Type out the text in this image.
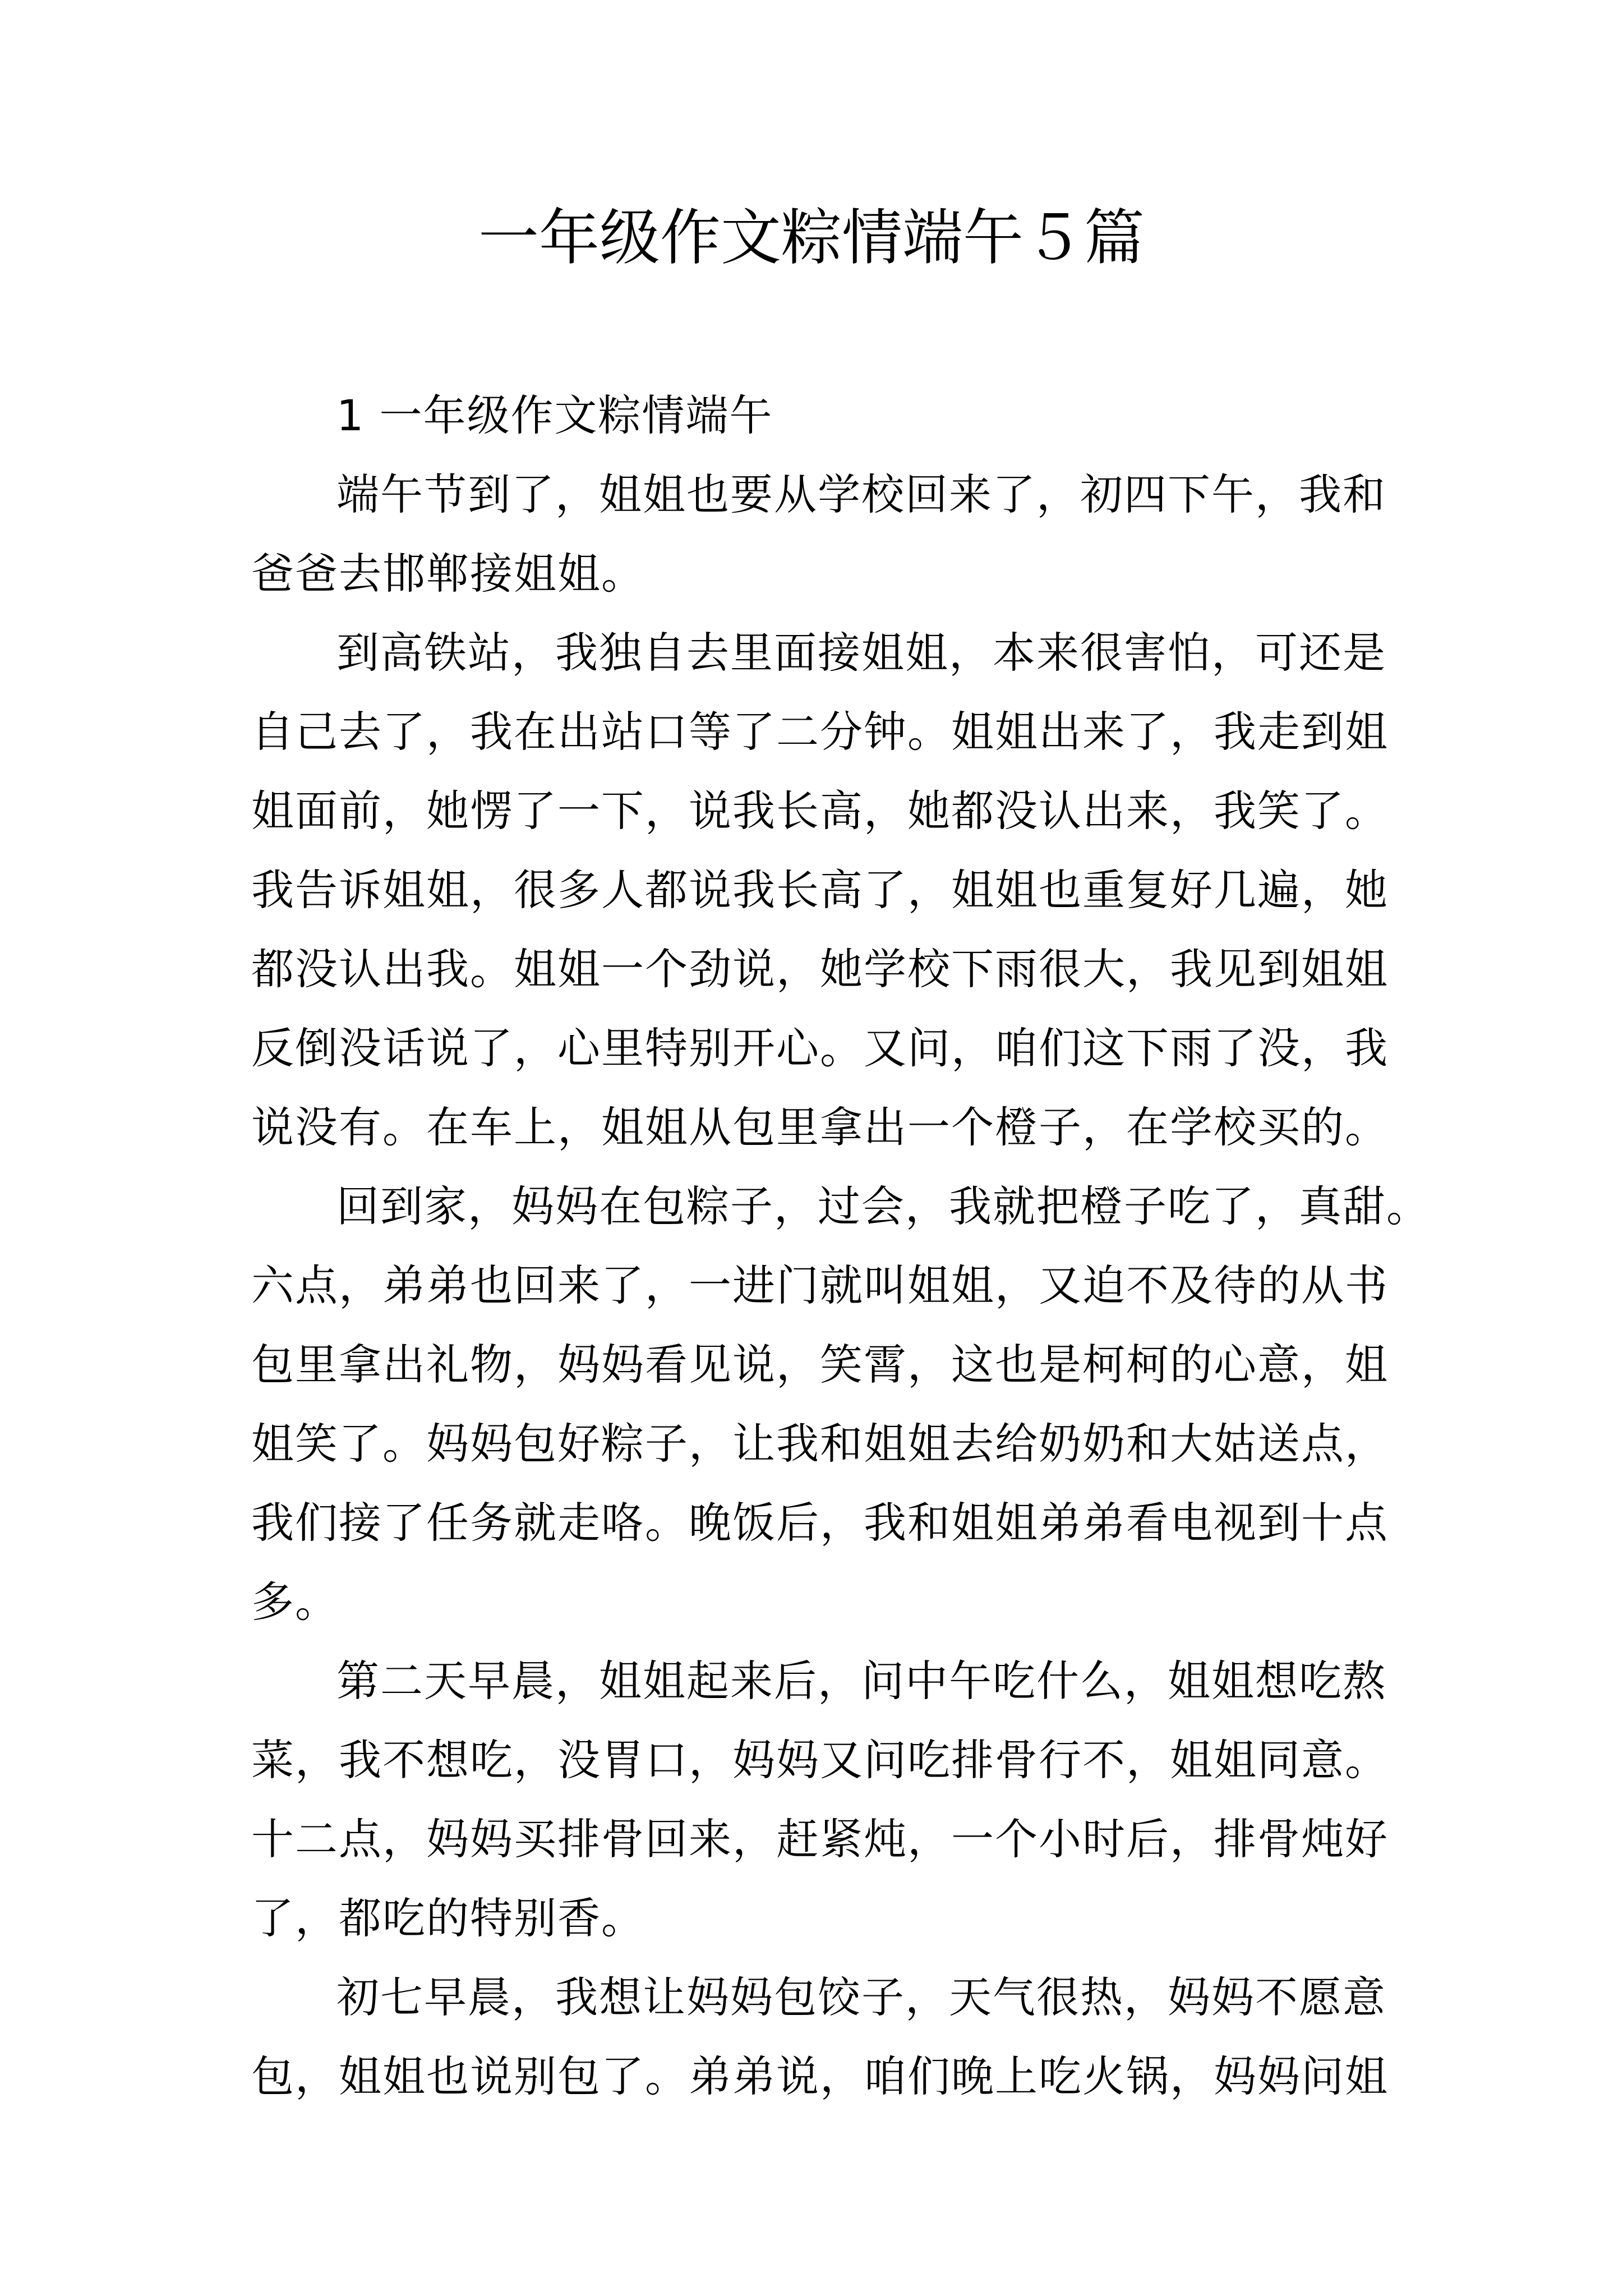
一年级作文粽情端午５篇
1 一年级作文粽情端午
端午节到了，姐姐也要从学校回来了，初四下午，我和
爸爸去邯郸接姐姐。
到高铁站，我独自去里面接姐姐，本来很害怕，可还是
自己去了，我在出站口等了二分钟。姐姐出来了，我走到姐
姐面前，她愣了一下，说我长高，她都没认出来，我笑了。
我告诉姐姐，很多人都说我长高了，姐姐也重复好几遍，她
都没认出我。姐姐一个劲说，她学校下雨很大，我见到姐姐
反倒没话说了，心里特别开心。又问，咱们这下雨了没，我
说没有。在车上，姐姐从包里拿出一个橙子，在学校买的。
回到家，妈妈在包粽子，过会，我就把橙子吃了，真甜。
六点，弟弟也回来了，一进门就叫姐姐，又迫不及待的从书
包里拿出礼物，妈妈看见说，笑霄，这也是柯柯的心意，姐
姐笑了。妈妈包好粽子，让我和姐姐去给奶奶和大姑送点，
我们接了任务就走咯。晚饭后，我和姐姐弟弟看电视到十点
多。
第二天早晨，姐姐起来后，问中午吃什么，姐姐想吃熬
菜，我不想吃，没胃口，妈妈又问吃排骨行不，姐姐同意。
十二点，妈妈买排骨回来，赶紧炖，一个小时后，排骨炖好
了，都吃的特别香。
初七早晨，我想让妈妈包饺子，天气很热，妈妈不愿意
包，姐姐也说别包了。弟弟说，咱们晚上吃火锅，妈妈问姐
